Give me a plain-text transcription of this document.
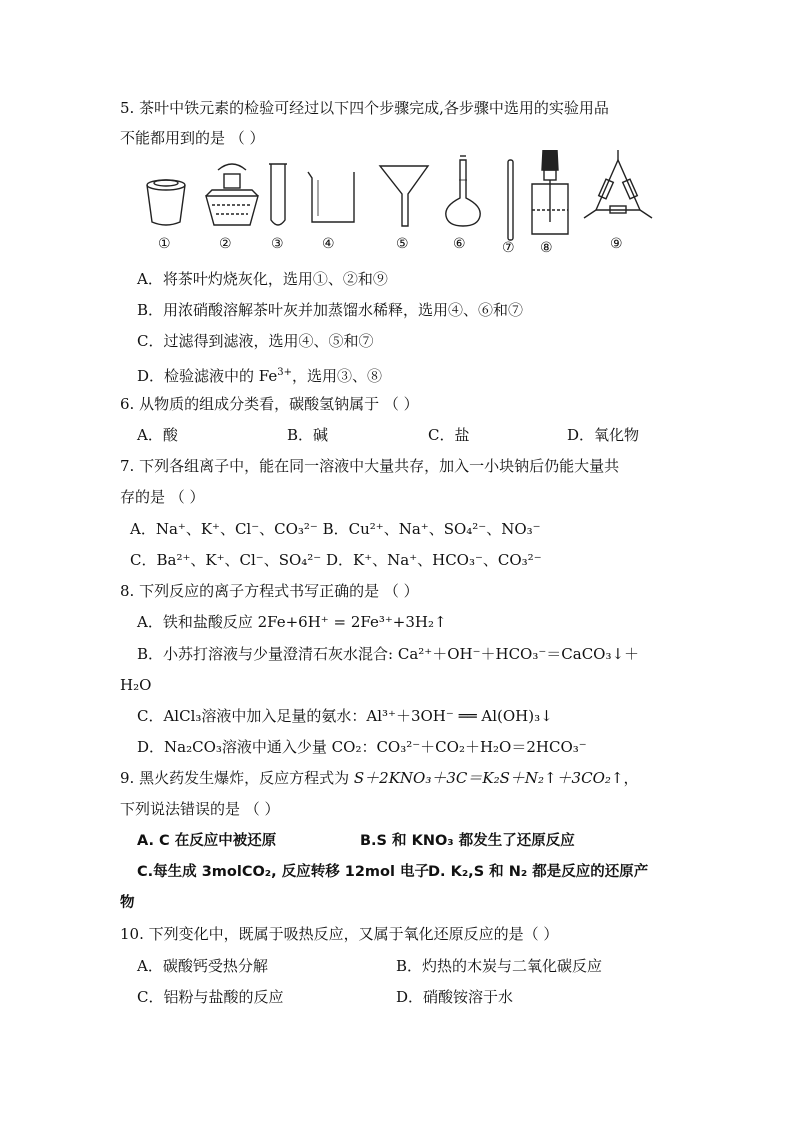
5. 茶叶中铁元素的检验可经过以下四个步骤完成,各步骤中选用的实验用品
不能都用到的是 （ ）
①	②	③	④	⑤	⑥	⑦ ⑧	⑨
A．将茶叶灼烧灰化，选用①、②和⑨
B．用浓硝酸溶解茶叶灰并加蒸馏水稀释，选用④、⑥和⑦
C．过滤得到滤液，选用④、⑤和⑦
D．检验滤液中的 $Fe^{3+}$，选用③、⑧
6. 从物质的组成分类看，碳酸氢钠属于 （ ）
A．酸	B．碱	C．盐	D．氧化物
7. 下列各组离子中，能在同一溶液中大量共存，加入一小块钠后仍能大量共
存的是 （ ）
A．Na⁺、K⁺、Cl⁻、CO₃²⁻ B．Cu²⁺、Na⁺、SO₄²⁻、NO₃⁻
C．Ba²⁺、K⁺、Cl⁻、SO₄²⁻ D．K⁺、Na⁺、HCO₃⁻、CO₃²⁻
8. 下列反应的离子方程式书写正确的是 （ ）
A．铁和盐酸反应 2Fe+6H⁺ = 2Fe³⁺+3H₂↑
B．小苏打溶液与少量澄清石灰水混合: Ca²⁺＋OH⁻＋HCO₃⁻＝CaCO₃↓＋
H₂O
C．AlCl₃溶液中加入足量的氨水：Al³⁺＋3OH⁻ ══ Al(OH)₃↓
D．Na₂CO₃溶液中通入少量 CO₂：CO₃²⁻＋CO₂＋H₂O＝2HCO₃⁻
9. 黑火药发生爆炸，反应方程式为 S＋2KNO₃＋3C＝K₂S＋N₂↑＋3CO₂↑，
下列说法错误的是 （ ）
A. C 在反应中被还原	B.S 和 KNO₃ 都发生了还原反应
C.每生成 3molCO₂, 反应转移 12mol 电子
D. K₂,S 和 N₂ 都是反应的还原产
物
10. 下列变化中，既属于吸热反应，又属于氧化还原反应的是（ ）
A．碳酸钙受热分解	B．灼热的木炭与二氧化碳反应
C．铝粉与盐酸的反应	D．硝酸铵溶于水
